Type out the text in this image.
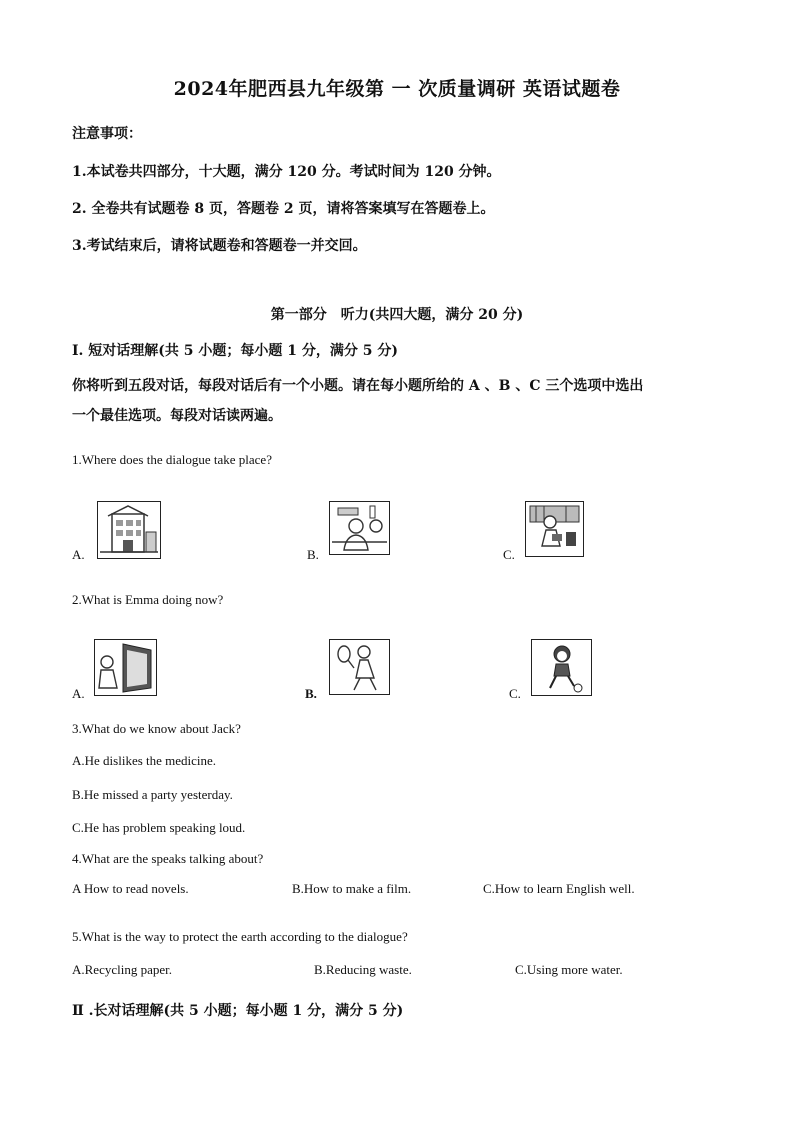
2024年肥西县九年级第 一 次质量调研 英语试题卷
注意事项：
1.本试卷共四部分，十大题，满分 120 分。考试时间为 120 分钟。
2. 全卷共有试题卷 8 页，答题卷 2 页，请将答案填写在答题卷上。
3.考试结束后，请将试题卷和答题卷一并交回。
第一部分　听力(共四大题，满分 20 分)
I. 短对话理解(共 5 小题；每小题 1 分，满分 5 分)
你将听到五段对话，每段对话后有一个小题。请在每小题所给的 A 、B 、C 三个选项中选出
一个最佳选项。每段对话读两遍。
1.Where does the dialogue take place?
A.	B.	C.
2.What is Emma doing now?
A.	B.	C.
3.What do we know about Jack?
A.He dislikes the medicine.
B.He missed a party yesterday.
C.He has problem speaking loud.
4.What are the speaks talking about?
A How to read novels.	B.How to make a film.	C.How to learn English well.
5.What is the way to protect the earth according to the dialogue?
A.Recycling paper.	B.Reducing waste.	C.Using more water.
Ⅱ .长对话理解(共 5 小题；每小题 1 分，满分 5 分)
